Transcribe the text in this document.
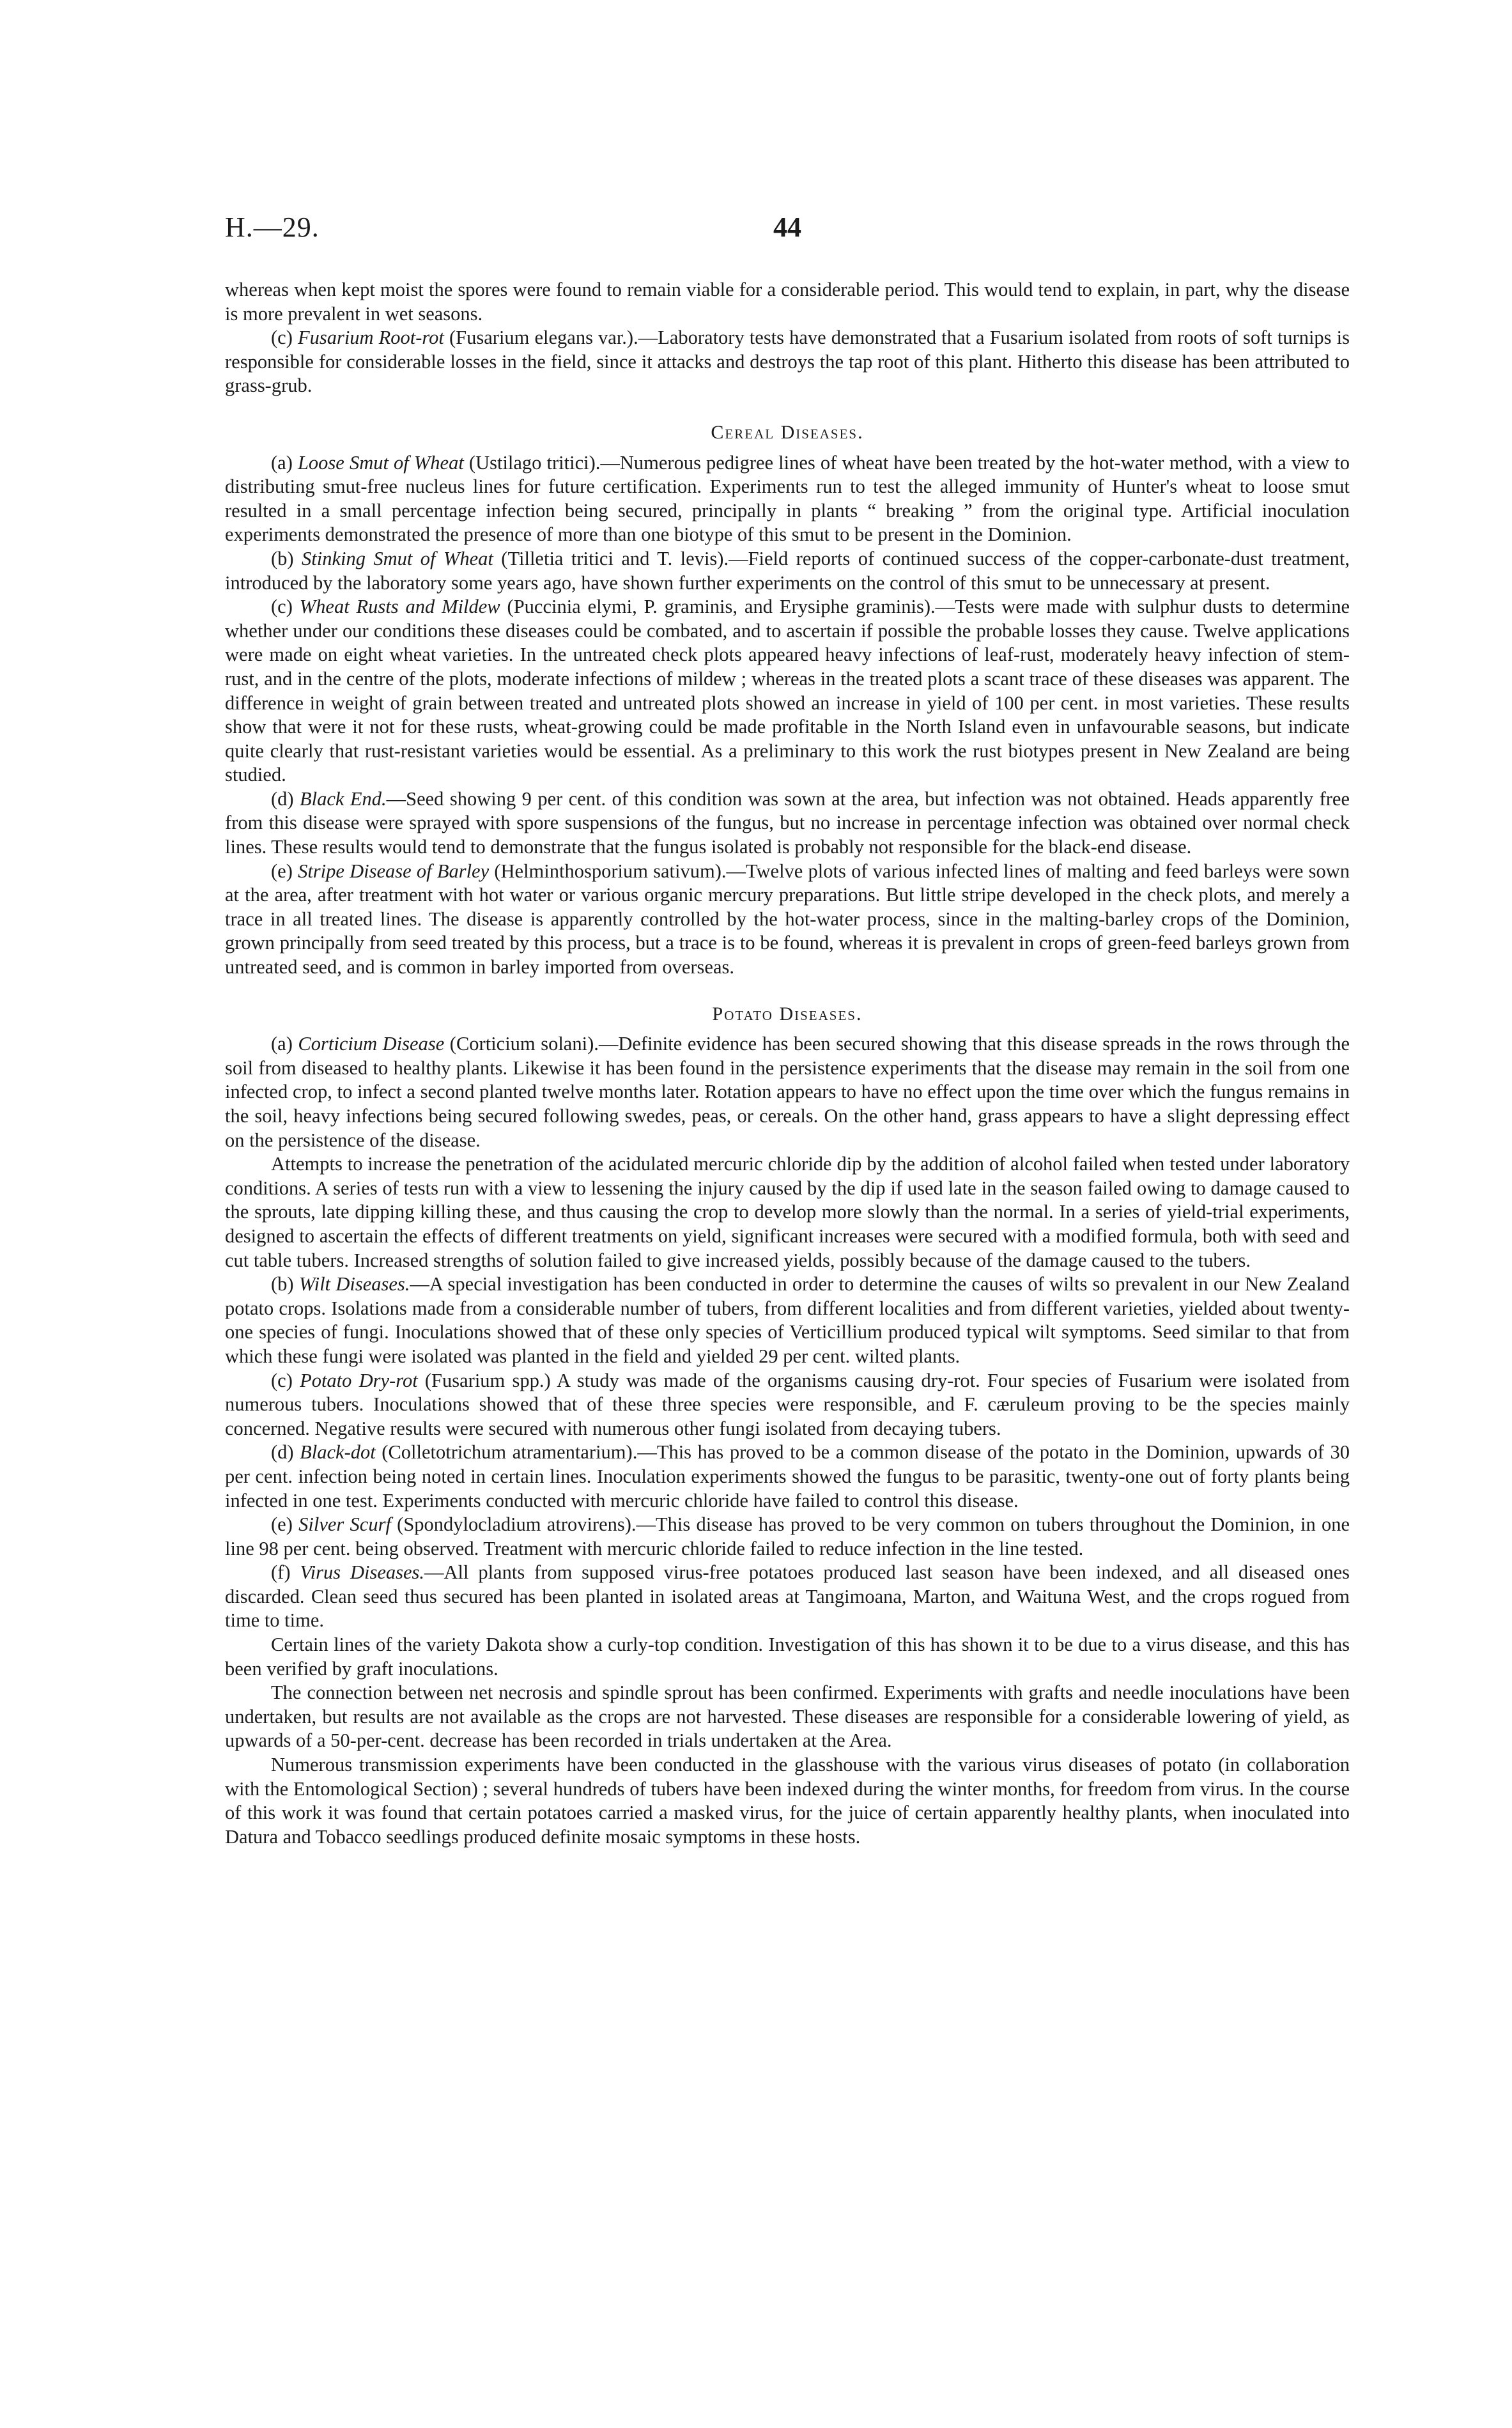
H.—29.	44

whereas when kept moist the spores were found to remain viable for a considerable period. This would tend to explain, in part, why the disease is more prevalent in wet seasons.

(c) Fusarium Root-rot (Fusarium elegans var.).—Laboratory tests have demonstrated that a Fusarium isolated from roots of soft turnips is responsible for considerable losses in the field, since it attacks and destroys the tap root of this plant. Hitherto this disease has been attributed to grass-grub.

Cereal Diseases.

(a) Loose Smut of Wheat (Ustilago tritici).—Numerous pedigree lines of wheat have been treated by the hot-water method, with a view to distributing smut-free nucleus lines for future certification. Experiments run to test the alleged immunity of Hunter's wheat to loose smut resulted in a small percentage infection being secured, principally in plants “ breaking ” from the original type. Artificial inoculation experiments demonstrated the presence of more than one biotype of this smut to be present in the Dominion.

(b) Stinking Smut of Wheat (Tilletia tritici and T. levis).—Field reports of continued success of the copper-carbonate-dust treatment, introduced by the laboratory some years ago, have shown further experiments on the control of this smut to be unnecessary at present.

(c) Wheat Rusts and Mildew (Puccinia elymi, P. graminis, and Erysiphe graminis).—Tests were made with sulphur dusts to determine whether under our conditions these diseases could be combated, and to ascertain if possible the probable losses they cause. Twelve applications were made on eight wheat varieties. In the untreated check plots appeared heavy infections of leaf-rust, moderately heavy infection of stem-rust, and in the centre of the plots, moderate infections of mildew ; whereas in the treated plots a scant trace of these diseases was apparent. The difference in weight of grain between treated and untreated plots showed an increase in yield of 100 per cent. in most varieties. These results show that were it not for these rusts, wheat-growing could be made profitable in the North Island even in unfavourable seasons, but indicate quite clearly that rust-resistant varieties would be essential. As a preliminary to this work the rust biotypes present in New Zealand are being studied.

(d) Black End.—Seed showing 9 per cent. of this condition was sown at the area, but infection was not obtained. Heads apparently free from this disease were sprayed with spore suspensions of the fungus, but no increase in percentage infection was obtained over normal check lines. These results would tend to demonstrate that the fungus isolated is probably not responsible for the black-end disease.

(e) Stripe Disease of Barley (Helminthosporium sativum).—Twelve plots of various infected lines of malting and feed barleys were sown at the area, after treatment with hot water or various organic mercury preparations. But little stripe developed in the check plots, and merely a trace in all treated lines. The disease is apparently controlled by the hot-water process, since in the malting-barley crops of the Dominion, grown principally from seed treated by this process, but a trace is to be found, whereas it is prevalent in crops of green-feed barleys grown from untreated seed, and is common in barley imported from overseas.

Potato Diseases.

(a) Corticium Disease (Corticium solani).—Definite evidence has been secured showing that this disease spreads in the rows through the soil from diseased to healthy plants. Likewise it has been found in the persistence experiments that the disease may remain in the soil from one infected crop, to infect a second planted twelve months later. Rotation appears to have no effect upon the time over which the fungus remains in the soil, heavy infections being secured following swedes, peas, or cereals. On the other hand, grass appears to have a slight depressing effect on the persistence of the disease.

Attempts to increase the penetration of the acidulated mercuric chloride dip by the addition of alcohol failed when tested under laboratory conditions. A series of tests run with a view to lessening the injury caused by the dip if used late in the season failed owing to damage caused to the sprouts, late dipping killing these, and thus causing the crop to develop more slowly than the normal. In a series of yield-trial experiments, designed to ascertain the effects of different treatments on yield, significant increases were secured with a modified formula, both with seed and cut table tubers. Increased strengths of solution failed to give increased yields, possibly because of the damage caused to the tubers.

(b) Wilt Diseases.—A special investigation has been conducted in order to determine the causes of wilts so prevalent in our New Zealand potato crops. Isolations made from a considerable number of tubers, from different localities and from different varieties, yielded about twenty-one species of fungi. Inoculations showed that of these only species of Verticillium produced typical wilt symptoms. Seed similar to that from which these fungi were isolated was planted in the field and yielded 29 per cent. wilted plants.

(c) Potato Dry-rot (Fusarium spp.) A study was made of the organisms causing dry-rot. Four species of Fusarium were isolated from numerous tubers. Inoculations showed that of these three species were responsible, and F. cæruleum proving to be the species mainly concerned. Negative results were secured with numerous other fungi isolated from decaying tubers.

(d) Black-dot (Colletotrichum atramentarium).—This has proved to be a common disease of the potato in the Dominion, upwards of 30 per cent. infection being noted in certain lines. Inoculation experiments showed the fungus to be parasitic, twenty-one out of forty plants being infected in one test. Experiments conducted with mercuric chloride have failed to control this disease.

(e) Silver Scurf (Spondylocladium atrovirens).—This disease has proved to be very common on tubers throughout the Dominion, in one line 98 per cent. being observed. Treatment with mercuric chloride failed to reduce infection in the line tested.

(f) Virus Diseases.—All plants from supposed virus-free potatoes produced last season have been indexed, and all diseased ones discarded. Clean seed thus secured has been planted in isolated areas at Tangimoana, Marton, and Waituna West, and the crops rogued from time to time.

Certain lines of the variety Dakota show a curly-top condition. Investigation of this has shown it to be due to a virus disease, and this has been verified by graft inoculations.

The connection between net necrosis and spindle sprout has been confirmed. Experiments with grafts and needle inoculations have been undertaken, but results are not available as the crops are not harvested. These diseases are responsible for a considerable lowering of yield, as upwards of a 50-per-cent. decrease has been recorded in trials undertaken at the Area.

Numerous transmission experiments have been conducted in the glasshouse with the various virus diseases of potato (in collaboration with the Entomological Section) ; several hundreds of tubers have been indexed during the winter months, for freedom from virus. In the course of this work it was found that certain potatoes carried a masked virus, for the juice of certain apparently healthy plants, when inoculated into Datura and Tobacco seedlings produced definite mosaic symptoms in these hosts.
